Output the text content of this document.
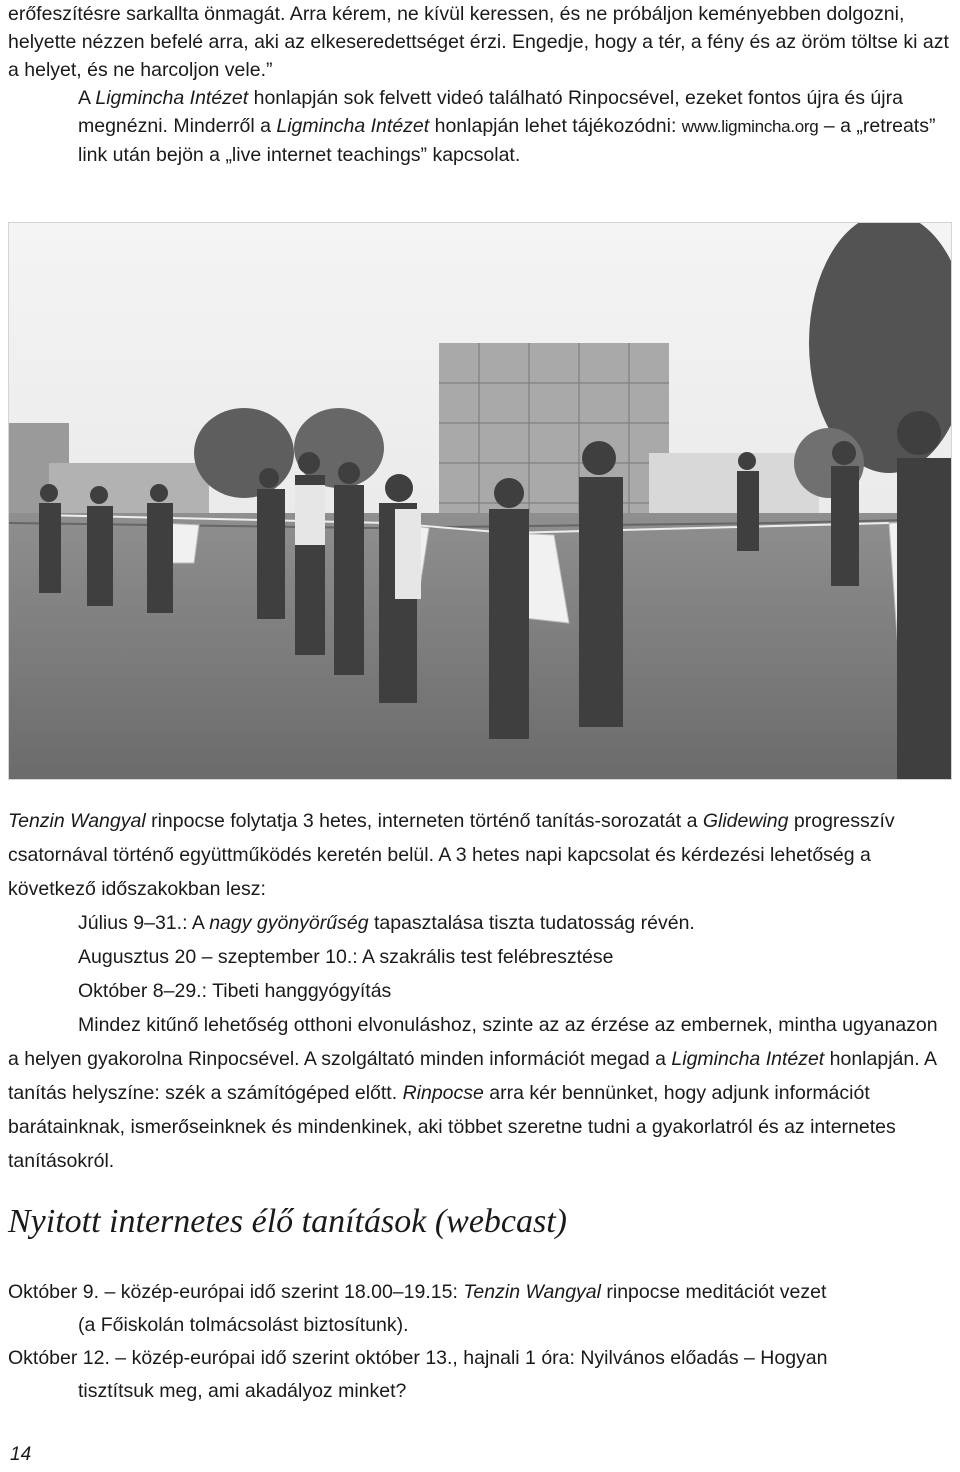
erőfeszítésre sarkallta önmagát. Arra kérem, ne kívül keressen, és ne próbáljon keményebben dolgozni, helyette nézzen befelé arra, aki az elkeseredettséget érzi. Engedje, hogy a tér, a fény és az öröm töltse ki azt a helyet, és ne harcoljon vele.”

A Ligmincha Intézet honlapján sok felvett videó található Rinpocsével, ezeket fontos újra és újra megnézni. Minderről a Ligmincha Intézet honlapján lehet tájékozódni: www.ligmincha.org – a „retreats” link után bejön a „live internet teachings” kapcsolat.

Tenzin Wangyal rinpocse folytatja 3 hetes, interneten történő tanítás-sorozatát a Glidewing progresszív csatornával történő együttműködés keretén belül. A 3 hetes napi kapcsolat és kérdezési lehetőség a következő időszakokban lesz:

Július 9–31.: A nagy gyönyörűség tapasztalása tiszta tudatosság révén.

Augusztus 20 – szeptember 10.: A szakrális test felébresztése

Október 8–29.: Tibeti hanggyógyítás

Mindez kitűnő lehetőség otthoni elvonuláshoz, szinte az az érzése az embernek, mintha ugyanazon a helyen gyakorolna Rinpocsével. A szolgáltató minden információt megad a Ligmincha Intézet honlapján. A tanítás helyszíne: szék a számítógéped előtt. Rinpocse arra kér bennünket, hogy adjunk információt barátainknak, ismerőseinknek és mindenkinek, aki többet szeretne tudni a gyakorlatról és az internetes tanításokról.

Nyitott internetes élő tanítások (webcast)

Október 9. – közép-európai idő szerint 18.00–19.15: Tenzin Wangyal rinpocse meditációt vezet

(a Főiskolán tolmácsolást biztosítunk).

Október 12. – közép-európai idő szerint október 13., hajnali 1 óra: Nyilvános előadás – Hogyan

tisztítsuk meg, ami akadályoz minket?

14
